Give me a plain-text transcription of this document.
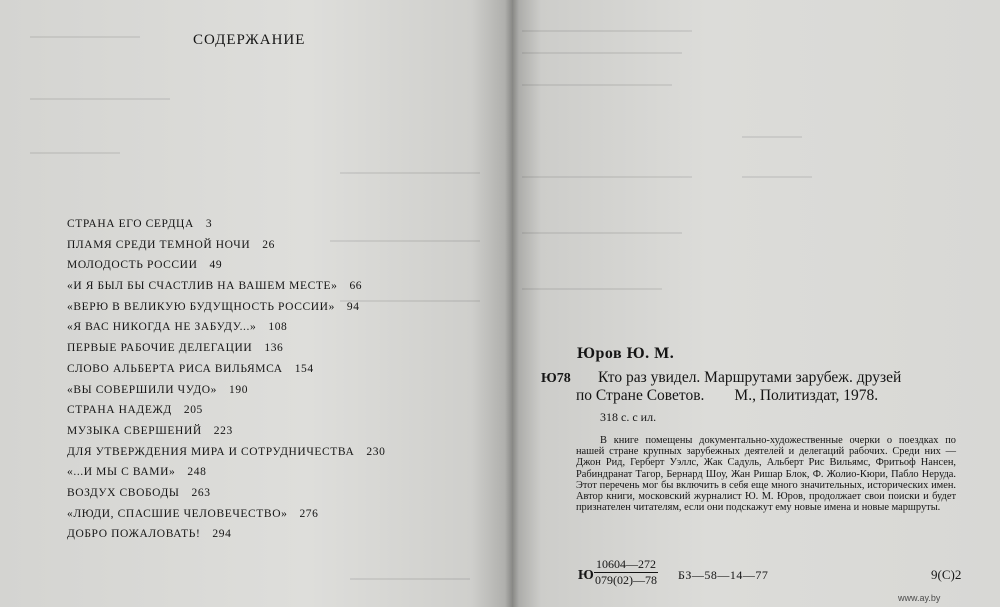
СОДЕРЖАНИЕ
СТРАНА ЕГО СЕРДЦА 3
ПЛАМЯ СРЕДИ ТЕМНОЙ НОЧИ 26
МОЛОДОСТЬ РОССИИ 49
«И Я БЫЛ БЫ СЧАСТЛИВ НА ВАШЕМ МЕСТЕ» 66
«ВЕРЮ В ВЕЛИКУЮ БУДУЩНОСТЬ РОССИИ» 94
«Я ВАС НИКОГДА НЕ ЗАБУДУ...» 108
ПЕРВЫЕ РАБОЧИЕ ДЕЛЕГАЦИИ 136
СЛОВО АЛЬБЕРТА РИСА ВИЛЬЯМСА 154
«ВЫ СОВЕРШИЛИ ЧУДО» 190
СТРАНА НАДЕЖД 205
МУЗЫКА СВЕРШЕНИЙ 223
ДЛЯ УТВЕРЖДЕНИЯ МИРА И СОТРУДНИЧЕСТВА 230
«...И МЫ С ВАМИ» 248
ВОЗДУХ СВОБОДЫ 263
«ЛЮДИ, СПАСШИЕ ЧЕЛОВЕЧЕСТВО» 276
ДОБРО ПОЖАЛОВАТЬ! 294
Юров Ю. М.
Ю78 Кто раз увидел. Маршрутами зарубеж. друзей
по Стране Советов. М., Политиздат, 1978.
318 с. с ил.

В книге помещены документально-художественные очерки о поездках по нашей стране крупных зарубежных деятелей и делегаций рабочих. Среди них — Джон Рид, Герберт Уэллс, Жак Садуль, Альберт Рис Вильямс, Фритьоф Нансен, Рабиндранат Тагор, Бернард Шоу, Жан Ришар Блок, Ф. Жолио-Кюри, Пабло Неруда. Этот перечень мог бы включить в себя еще много значительных, исторических имен. Автор книги, московский журналист Ю. М. Юров, продолжает свои поиски и будет признателен читателям, если они подскажут ему новые имена и новые маршруты.

Ю $\frac{10604—272}{079(02)—78}$ БЗ—58—14—77	9(С)2
www.ay.by
